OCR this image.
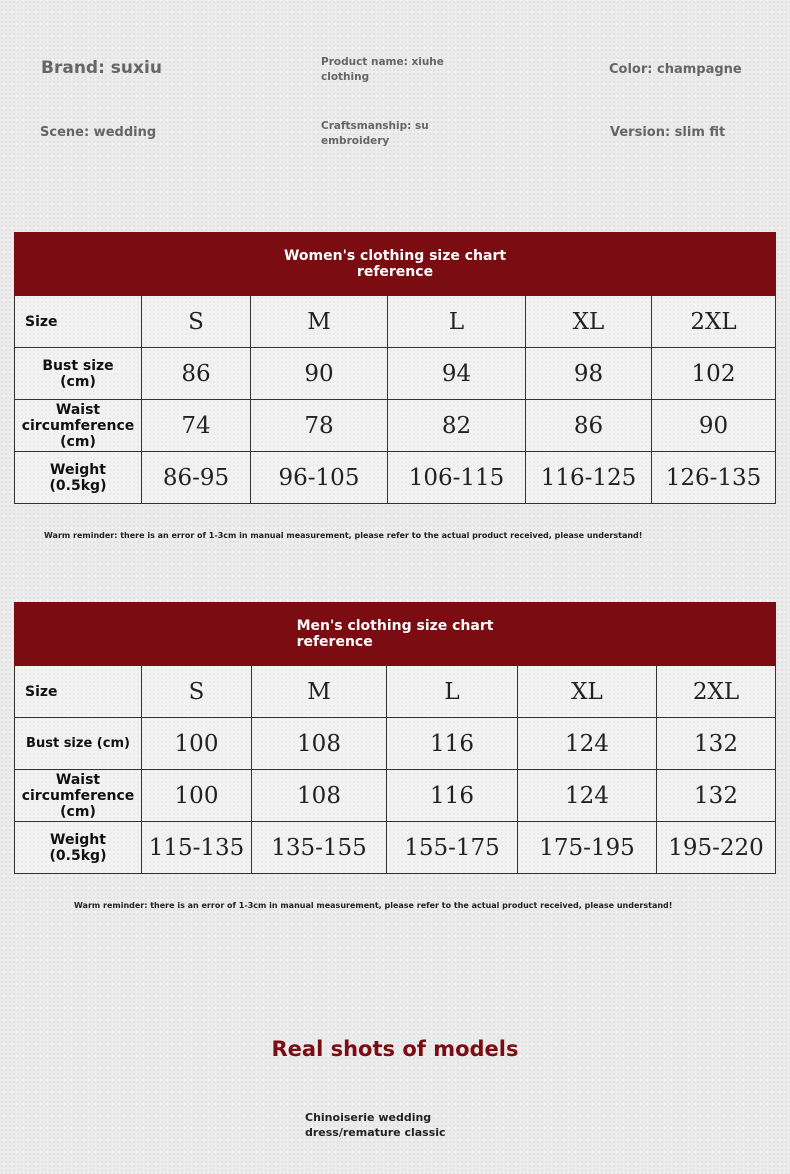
Brand: suxiu	Product name: xiuhe
clothing	Color: champagne
Scene: wedding	Craftsmanship: su
embroidery
Version: slim fit
Women's clothing size chart
reference					
Size	S	M	L	XL	2XL
Bust size
(cm)	86	90	94	98	102
Waist circumference
(cm)	74	78	82	86	90
Weight
(0.5kg)	86-95	96-105	106-115	116-125	126-135
Warm reminder: there is an error of 1-3cm in manual measurement, please refer to the actual product received, please understand!
Men's clothing size chart
reference					
Size	S	M	L	XL	2XL
Bust size (cm)	100	108	116	124	132
Waist circumference
(cm)	100	108	116	124	132
Weight
(0.5kg)	115-135	135-155	155-175	175-195	195-220
Warm reminder: there is an error of 1-3cm in manual measurement, please refer to the actual product received, please understand!
Real shots of models
Chinoiserie wedding
dress/remature classic
